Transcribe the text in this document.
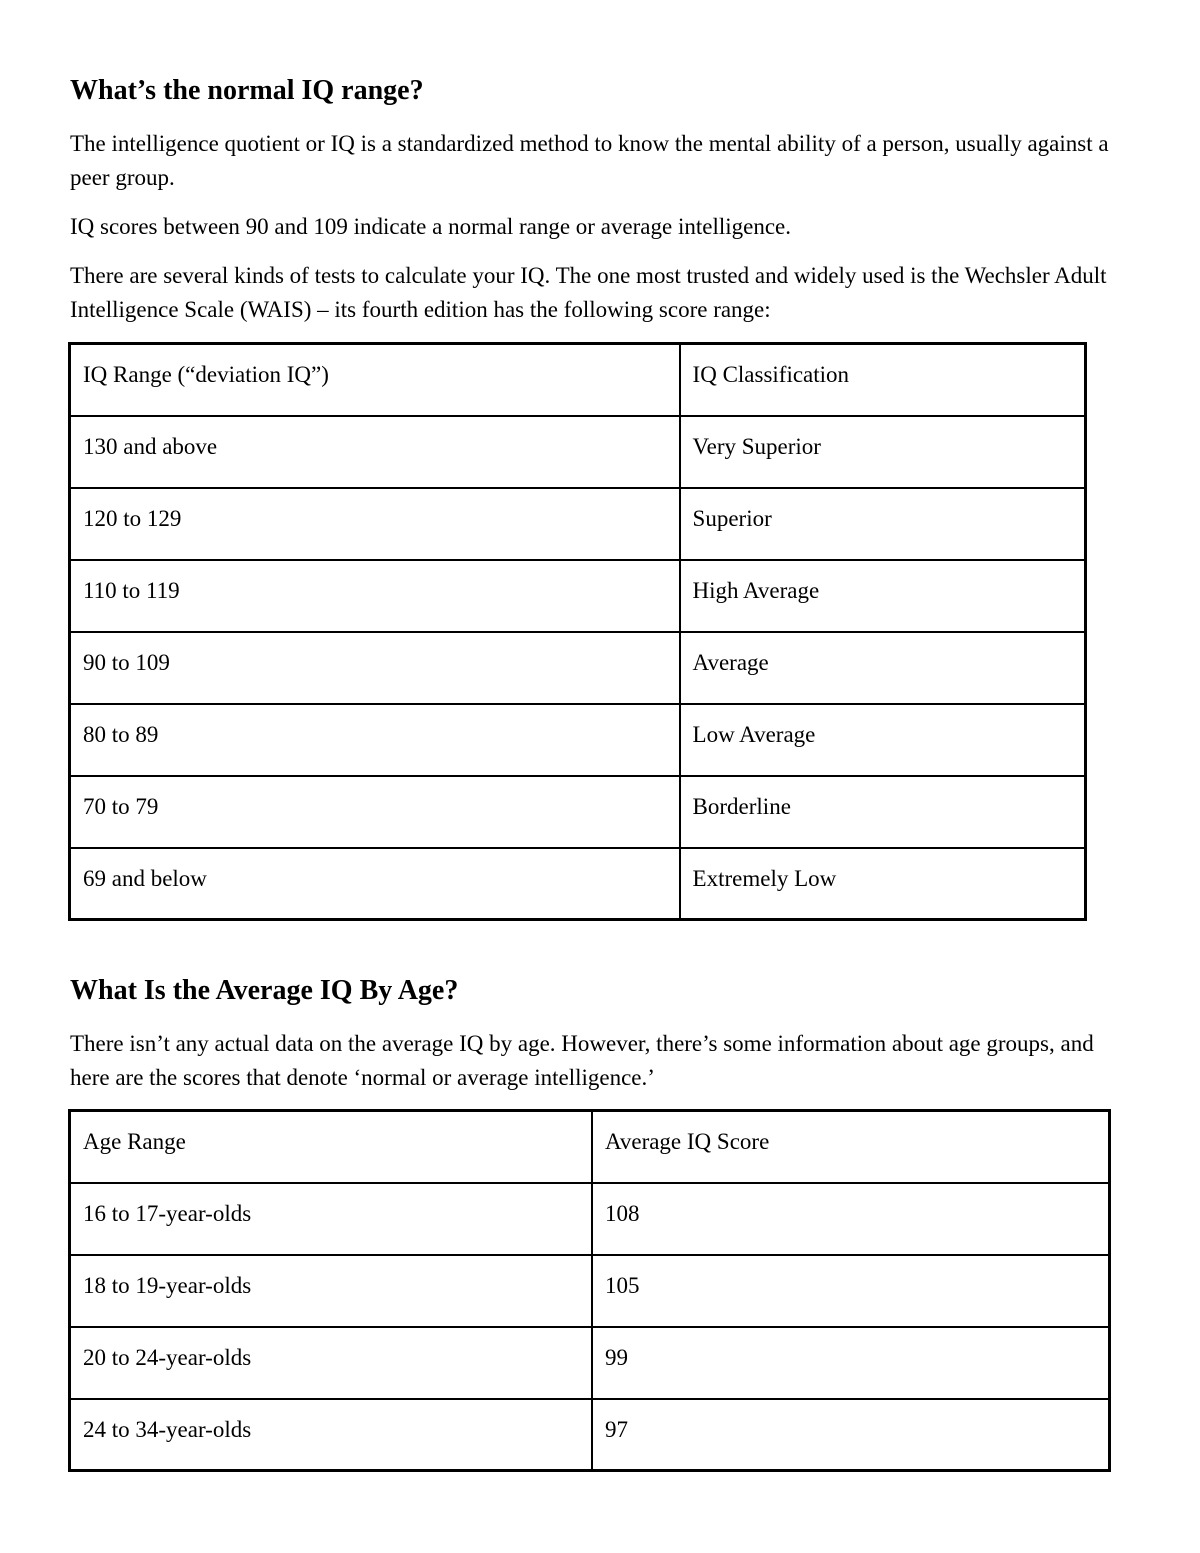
What’s the normal IQ range?

The intelligence quotient or IQ is a standardized method to know the mental ability of a person, usually against a peer group.

IQ scores between 90 and 109 indicate a normal range or average intelligence.

There are several kinds of tests to calculate your IQ. The one most trusted and widely used is the Wechsler Adult Intelligence Scale (WAIS) – its fourth edition has the following score range:

IQ Range (“deviation IQ”)	IQ Classification
130 and above	Very Superior
120 to 129	Superior
110 to 119	High Average
90 to 109	Average
80 to 89	Low Average
70 to 79	Borderline
69 and below	Extremely Low
What Is the Average IQ By Age?

There isn’t any actual data on the average IQ by age. However, there’s some information about age groups, and here are the scores that denote ‘normal or average intelligence.’

Age Range	Average IQ Score
16 to 17-year-olds	108
18 to 19-year-olds	105
20 to 24-year-olds	99
24 to 34-year-olds	97
